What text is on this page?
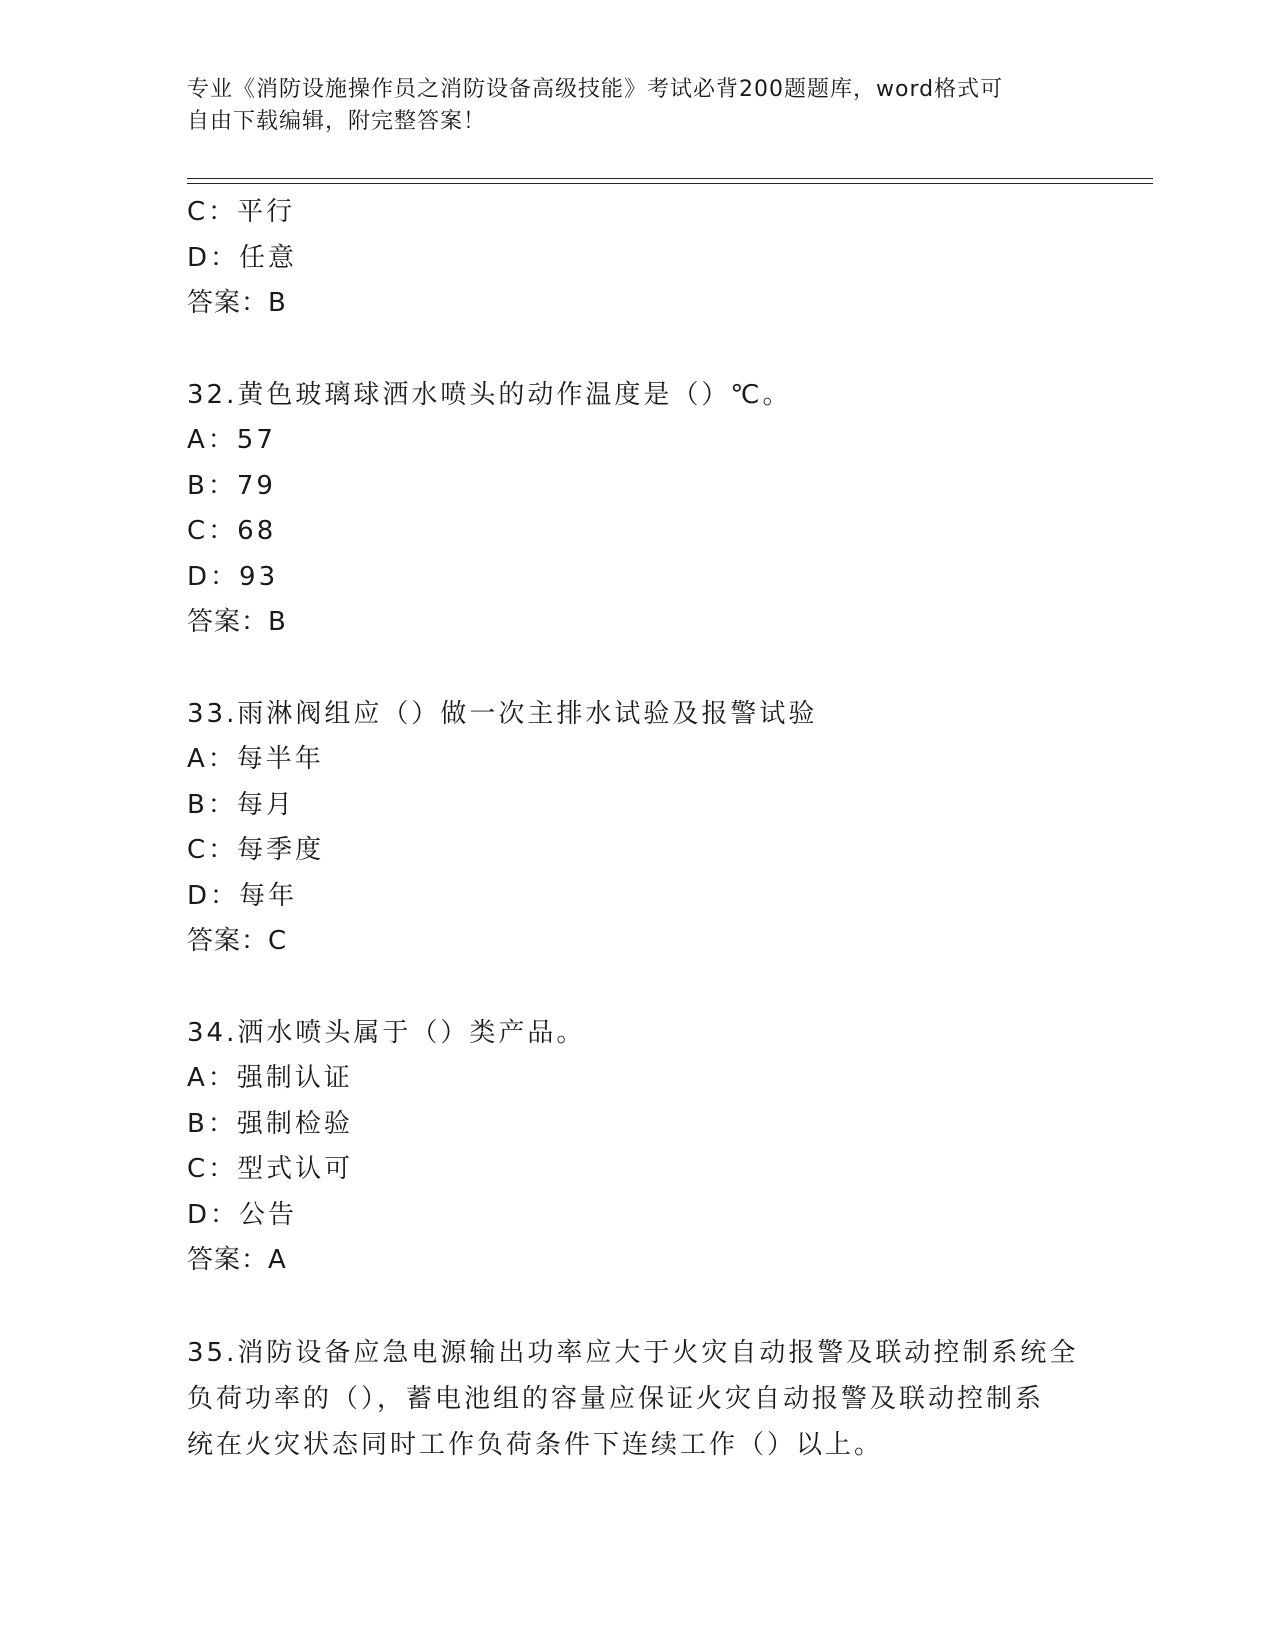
专业《消防设施操作员之消防设备高级技能》考试必背200题题库，word格式可
自由下载编辑，附完整答案！
C：平行
D：任意
答案：B
32.黄色玻璃球洒水喷头的动作温度是（）℃。
A：57
B：79
C：68
D：93
答案：B
33.雨淋阀组应（）做一次主排水试验及报警试验
A：每半年
B：每月
C：每季度
D：每年
答案：C
34.洒水喷头属于（）类产品。
A：强制认证
B：强制检验
C：型式认可
D：公告
答案：A
35.消防设备应急电源输出功率应大于火灾自动报警及联动控制系统全
负荷功率的（），蓄电池组的容量应保证火灾自动报警及联动控制系
统在火灾状态同时工作负荷条件下连续工作（）以上。
